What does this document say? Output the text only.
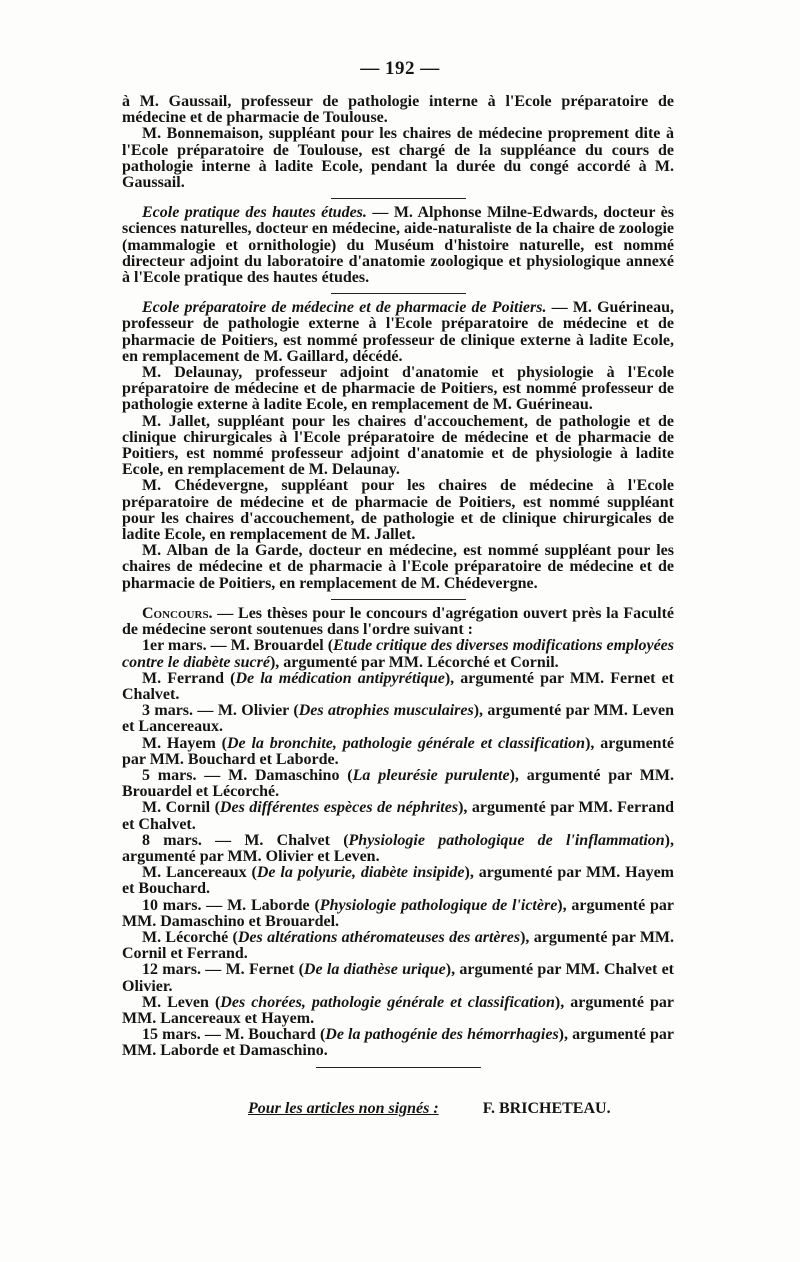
— 192 —

à M. Gaussail, professeur de pathologie interne à l'Ecole préparatoire de médecine et de pharmacie de Toulouse.

M. Bonnemaison, suppléant pour les chaires de médecine proprement dite à l'Ecole préparatoire de Toulouse, est chargé de la suppléance du cours de pathologie interne à ladite Ecole, pendant la durée du congé accordé à M. Gaussail.

Ecole pratique des hautes études. — M. Alphonse Milne-Edwards, docteur ès sciences naturelles, docteur en médecine, aide-naturaliste de la chaire de zoologie (mammalogie et ornithologie) du Muséum d'histoire naturelle, est nommé directeur adjoint du laboratoire d'anatomie zoologique et physiologique annexé à l'Ecole pratique des hautes études.

Ecole préparatoire de médecine et de pharmacie de Poitiers. — M. Guérineau, professeur de pathologie externe à l'Ecole préparatoire de médecine et de pharmacie de Poitiers, est nommé professeur de clinique externe à ladite Ecole, en remplacement de M. Gaillard, décédé.

M. Delaunay, professeur adjoint d'anatomie et physiologie à l'Ecole préparatoire de médecine et de pharmacie de Poitiers, est nommé professeur de pathologie externe à ladite Ecole, en remplacement de M. Guérineau.

M. Jallet, suppléant pour les chaires d'accouchement, de pathologie et de clinique chirurgicales à l'Ecole préparatoire de médecine et de pharmacie de Poitiers, est nommé professeur adjoint d'anatomie et de physiologie à ladite Ecole, en remplacement de M. Delaunay.

M. Chédevergne, suppléant pour les chaires de médecine à l'Ecole préparatoire de médecine et de pharmacie de Poitiers, est nommé suppléant pour les chaires d'accouchement, de pathologie et de clinique chirurgicales de ladite Ecole, en remplacement de M. Jallet.

M. Alban de la Garde, docteur en médecine, est nommé suppléant pour les chaires de médecine et de pharmacie à l'Ecole préparatoire de médecine et de pharmacie de Poitiers, en remplacement de M. Chédevergne.

Concours. — Les thèses pour le concours d'agrégation ouvert près la Faculté de médecine seront soutenues dans l'ordre suivant :

1er mars. — M. Brouardel (Etude critique des diverses modifications employées contre le diabète sucré), argumenté par MM. Lécorché et Cornil.

M. Ferrand (De la médication antipyrétique), argumenté par MM. Fernet et Chalvet.

3 mars. — M. Olivier (Des atrophies musculaires), argumenté par MM. Leven et Lancereaux.

M. Hayem (De la bronchite, pathologie générale et classification), argumenté par MM. Bouchard et Laborde.

5 mars. — M. Damaschino (La pleurésie purulente), argumenté par MM. Brouardel et Lécorché.

M. Cornil (Des différentes espèces de néphrites), argumenté par MM. Ferrand et Chalvet.

8 mars. — M. Chalvet (Physiologie pathologique de l'inflammation), argumenté par MM. Olivier et Leven.

M. Lancereaux (De la polyurie, diabète insipide), argumenté par MM. Hayem et Bouchard.

10 mars. — M. Laborde (Physiologie pathologique de l'ictère), argumenté par MM. Damaschino et Brouardel.

M. Lécorché (Des altérations athéromateuses des artères), argumenté par MM. Cornil et Ferrand.

12 mars. — M. Fernet (De la diathèse urique), argumenté par MM. Chalvet et Olivier.

M. Leven (Des chorées, pathologie générale et classification), argumenté par MM. Lancereaux et Hayem.

15 mars. — M. Bouchard (De la pathogénie des hémorrhagies), argumenté par MM. Laborde et Damaschino.

Pour les articles non signés :	F. BRICHETEAU.
